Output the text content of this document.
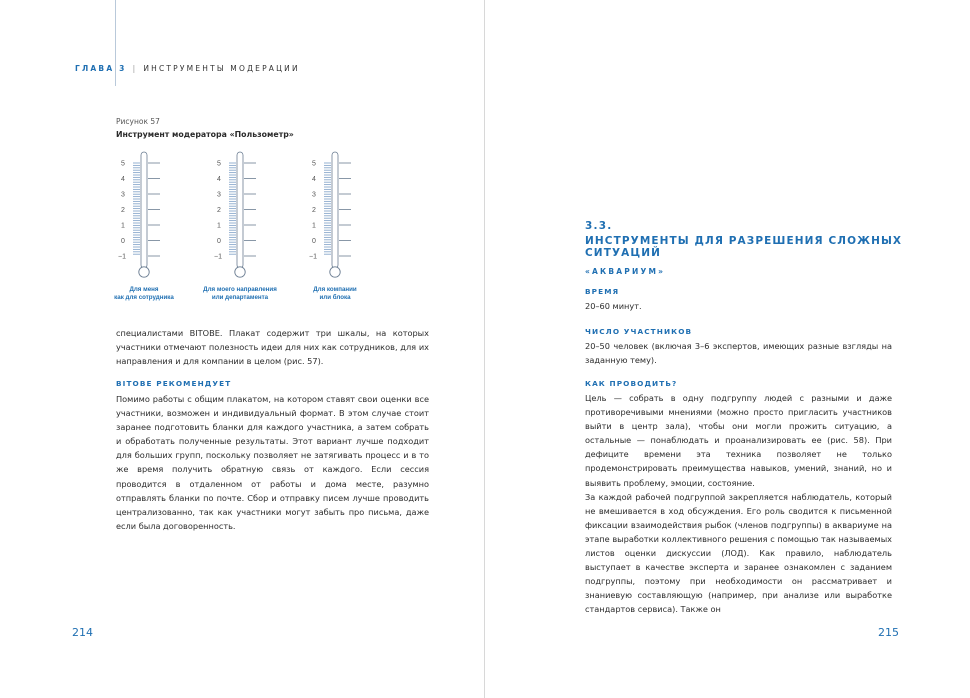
ГЛАВА 3 | ИНСТРУМЕНТЫ МОДЕРАЦИИ
Рисунок 57
Инструмент модератора «Пользометр»
5
4
3
2
1
0
−1
Для меня
как для сотрудника
5
4
3
2
1
0
−1
Для моего направления
или департамента
5
4
3
2
1
0
−1
Для компании
или блока
специалистами BITOBE. Плакат содержит три шкалы, на которых участники отмечают полезность идеи для них как сотрудников, для их направления и для компании в целом (рис. 57).
BITOBE РЕКОМЕНДУЕТ
Помимо работы с общим плакатом, на котором ставят свои оценки все участники, возможен и индивидуальный формат. В этом случае стоит заранее подготовить бланки для каждого участника, а затем собрать и обработать полученные результаты. Этот вариант лучше подходит для больших групп, поскольку позволяет не затягивать процесс и в то же время получить обратную связь от каждого. Если сессия проводится в отдаленном от работы и дома месте, разумно отправлять бланки по почте. Сбор и отправку писем лучше проводить централизованно, так как участники могут забыть про письма, даже если была договоренность.
214
3.3.
ИНСТРУМЕНТЫ ДЛЯ РАЗРЕШЕНИЯ СЛОЖНЫХ СИТУАЦИЙ
«АКВАРИУМ»
ВРЕМЯ
20–60 минут.
ЧИСЛО УЧАСТНИКОВ
20–50 человек (включая 3–6 экспертов, имеющих разные взгляды на заданную тему).
КАК ПРОВОДИТЬ?

Цель — собрать в одну подгруппу людей с разными и даже противоречивыми мнениями (можно просто пригласить участников выйти в центр зала), чтобы они могли прожить ситуацию, а остальные — понаблюдать и проанализировать ее (рис. 58). При дефиците времени эта техника позволяет не только продемонстрировать преимущества навыков, умений, знаний, но и выявить проблему, эмоции, состояние.

За каждой рабочей подгруппой закрепляется наблюдатель, который не вмешивается в ход обсуждения. Его роль сводится к письменной фиксации взаимодействия рыбок (членов подгруппы) в аквариуме на этапе выработки коллективного решения с помощью так называемых листов оценки дискуссии (ЛОД). Как правило, наблюдатель выступает в качестве эксперта и заранее ознакомлен с заданием подгруппы, поэтому при необходимости он рассматривает и знаниевую составляющую (например, при анализе или выработке стандартов сервиса). Также он

215
